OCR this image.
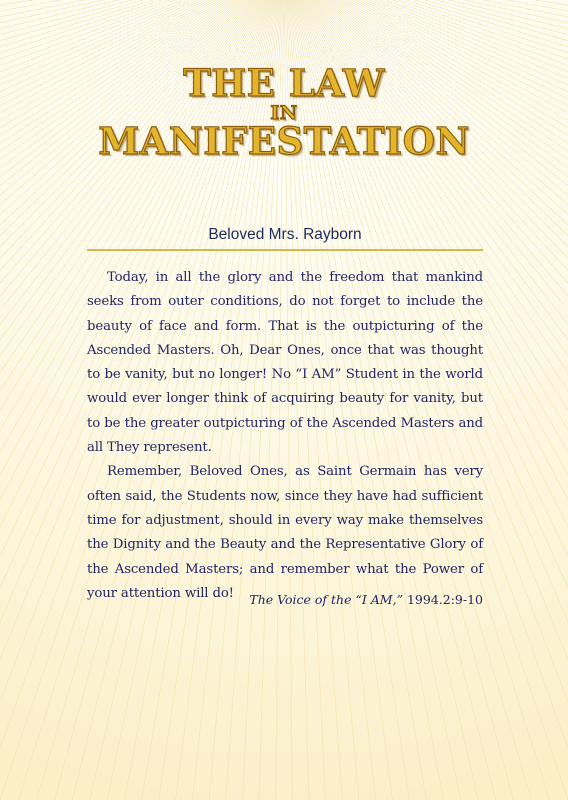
THE LAW
IN
MANIFESTATION
Beloved Mrs. Rayborn

Today, in all the glory and the freedom that mankind seeks from outer conditions, do not forget to include the beauty of face and form. That is the outpicturing of the Ascended Masters. Oh, Dear Ones, once that was thought to be vanity, but no longer! No “I AM” Student in the world would ever longer think of acquiring beauty for vanity, but to be the greater outpicturing of the Ascended Masters and all They represent.

Remember, Beloved Ones, as Saint Germain has very often said, the Students now, since they have had sufficient time for adjustment, should in every way make themselves the Dignity and the Beauty and the Representative Glory of the Ascended Masters; and remember what the Power of your attention will do!	The Voice of the “I AM,” 1994.2:9-10
